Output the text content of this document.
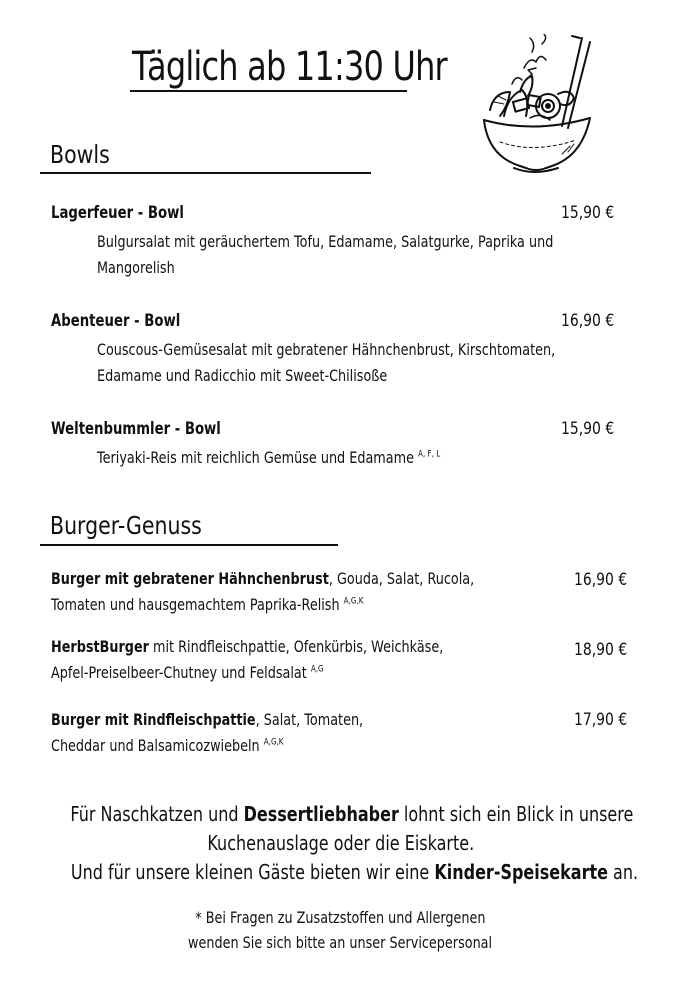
Täglich ab 11:30 Uhr
Bowls
Lagerfeuer - Bowl	15,90 €
Bulgursalat mit geräuchertem Tofu, Edamame, Salatgurke, Paprika und
Mangorelish
Abenteuer - Bowl	16,90 €
Couscous-Gemüsesalat mit gebratener Hähnchenbrust, Kirschtomaten,
Edamame und Radicchio mit Sweet-Chilisoße
Weltenbummler - Bowl	15,90 €
Teriyaki-Reis mit reichlich Gemüse und Edamame $^{A, F, L}$
Burger-Genuss
Burger mit gebratener Hähnchenbrust, Gouda, Salat, Rucola,
Tomaten und hausgemachtem Paprika-Relish $^{A,G,K}$
16,90 €
HerbstBurger mit Rindfleischpattie, Ofenkürbis, Weichkäse,
Apfel-Preiselbeer-Chutney und Feldsalat $^{A,G}$
18,90 €
Burger mit Rindfleischpattie, Salat, Tomaten,
Cheddar und Balsamicozwiebeln $^{A,G,K}$
17,90 €
Für Naschkatzen und Dessertliebhaber lohnt sich ein Blick in unsere
Kuchenauslage oder die Eiskarte.
Und für unsere kleinen Gäste bieten wir eine Kinder-Speisekarte an.
* Bei Fragen zu Zusatzstoffen und Allergenen
wenden Sie sich bitte an unser Servicepersonal
